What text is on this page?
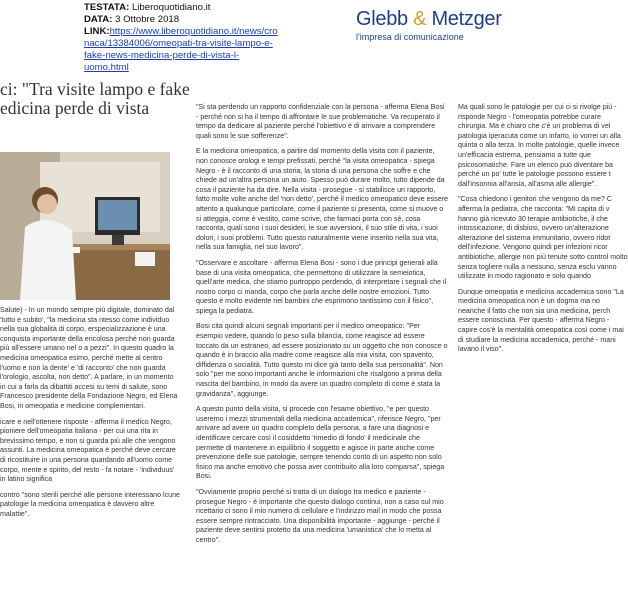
TESTATA: Liberoquotidiano.it
DATA: 3 Ottobre 2018
LINK:https://www.liberoquotidiano.it/news/cro
naca/13384006/omeopati-tra-visite-lampo-e-
fake-news-medicina-perde-di-vista-l-
uomo.html
Glebb & Metzger
l'impresa di comunicazione
ci: "Tra visite lampo e fake
edicina perde di vista

Salute) - In un mondo sempre più digitale, dominato dal 'tutto e subito', "la medicina sta ntesso come individuo nella sua globalità di corpo, erspecializzazione è una conquista importante della ericolosa perché non guarda più all'essere umano nel o a pezzi". In questo quadro la medicina omeopatica esimo, perché mette al centro l'uomo e non la dente' e 'di racconto' che non guarda l'orologio, ascolta, non detto". A parlare, in un momento in cui a farla da dibattiti accesi su temi di salute, sono Francesco presidente della Fondazione Negro, ed Elena Bosi, in omeopatia e medicine complementari.

icare e nell'ottenere risposte - afferma il medico Negro, pioniere dell'omeopatia italiana - per cui una rita in brevissimo tempo, e non si guarda più alle che vengono assunti. La medicina omeopatica è perché deve cercare di ricostituire in una persona quardando all'uomo come corpo, mente e spirito, del resto - fa notare - 'individuus' in latino significa

contro "sono sterili perché alle persone interessano lcune patologie la medicina omeopatica è davvero altre malattie".

"Si sta perdendo un rapporto confidenziale con la persona - afferma Elena Bosi - perché non si ha il tempo di affrontare le sue problematiche. Va recuperato il tempo da dedicare al paziente perché l'obiettivo è di arrivare a comprendere quali sono le sue sofferenze".

E la medicina omeopatica, a partire dal momento della visita con il paziente, non conosce orologi e tempi prefissati, perché "la visita omeopatica - spiega Negro - è il racconto di una storia, la storia di una persona che soffre e che chiede ad un'altra persona un aiuto. Spesso può durare molto, tutto dipende da cosa il paziente ha da dire. Nella visita - prosegue - si stabilisce un rapporto, fatto molte volte anche del 'non detto', perché il medico omeopatico deve essere attento a qualunque particolare, come il paziente si presenta, come si muove o si atteggia, come è vestito, come scrive, che farmaci porta con sé, cosa racconta, quali sono i suoi desideri, le sue avversioni, il suo stile di vita, i suoi dolori, i suoi problemi. Tutto questo naturalmente viene inserito nella sua vita, nella sua famiglia, nel suo lavoro".

"Osservare e ascoltare - afferma Elena Bosi - sono i due principi generali alla base di una visita omeopatica, che permettono di utilizzare la semeiotica, quell'arte medica, che stiamo purtroppo perdendo, di interpretare i segnali che il nostro corpo ci manda, corpo che parla anche delle nostre emozioni. Tutto questo è molto evidente nei bambini che esprimono tantissimo con il fisico", spiega la pediatra.

Bosi cita quindi alcuni segnali importanti per il medico omeopatico: "Per esempio vedere, quando lo peso sulla bilancia, come reagisce ad essere toccato da un estraneo, ad essere posizionato su un oggetto che non conosce o quando è in braccio alla madre come reagisce alla mia visita, con spavento, diffidenza o socialità. Tutto questo mi dice già tanto della sua personalità". Non solo "per me sono importanti anche le informazioni che risalgono a prima della nascita del bambino, in modo da avere un quadro completo di come è stata la gravidanza", aggiunge.

A questo punto della visita, si procede con l'esame obiettivo, "e per questo useremo i mezzi strumentali della medicina accademica", riferisce Negro, "per arrivare ad avere un quadro completo della persona, a fare una diagnosi e identificare cercare così il cosiddetto 'rimedio di fondo' il medicinale che permette di mantenere in equilibrio il soggetto e agisce in parte anche come prevenzione delle sue patologie, sempre tenendo conto di un aspetto non solo fisico ma anche emotivo che possa aver contribuito alla loro comparsa", spiega Bosi.

"Ovviamente proprio perché si tratta di un dialogo tra medico e paziente - prosegue Negro - è importante che questo dialogo continui, non a caso sul mio ricettario ci sono il mio numero di cellulare e l'indirizzo mail in modo che possa essere sempre rintracciato. Una disponibilità importante - aggiunge - perché il paziente deve sentirsi protetto da una medicina 'umanistica' che lo metta al centro".

Ma quali sono le patologie per cui ci si rivolge più - risponde Negro - l'omeopatia potrebbe curare chirurgia. Ma è chiaro che c'è un problema di vel patologia iperacuta come un infarto, io vorrei un alla quinta o alla terza. In molte patologie, quelle invece un'efficacia estrema, pensiamo a tutte que psicosomatiche. Fare un elenco può diventare ba perché un po' tutte le patologie possono essere t dall'insonnia all'ansia, all'asma alle allergie".

"Cosa chiedono i genitori che vengono da me? C afferma la pediatra, che racconta: "Mi capita di v hanno già ricevuto 30 terapie antibiotiche, il che intossicazione, di disbiosi, ovvero un'alterazione alterazione del sistema immunitario, ovvero ridot dell'infezione. Vengono quindi per infezioni ricor antibiotiche, allergie non più tenute sotto control molto senza togliere nulla a nessuno, senza esclu vanno utilizzate in modo ragionato e solo quando

Dunque omeopatia e medicina accademica sono "La medicina omeopatica non è un dogma ma no neanche il fatto che non sia una medicina, perch essere conosciuta. Per questo - afferma Negro - capire cos'è la mentalità omeopatica così come i mai di studiare la medicina accademica, perché - mani lavano il viso".
